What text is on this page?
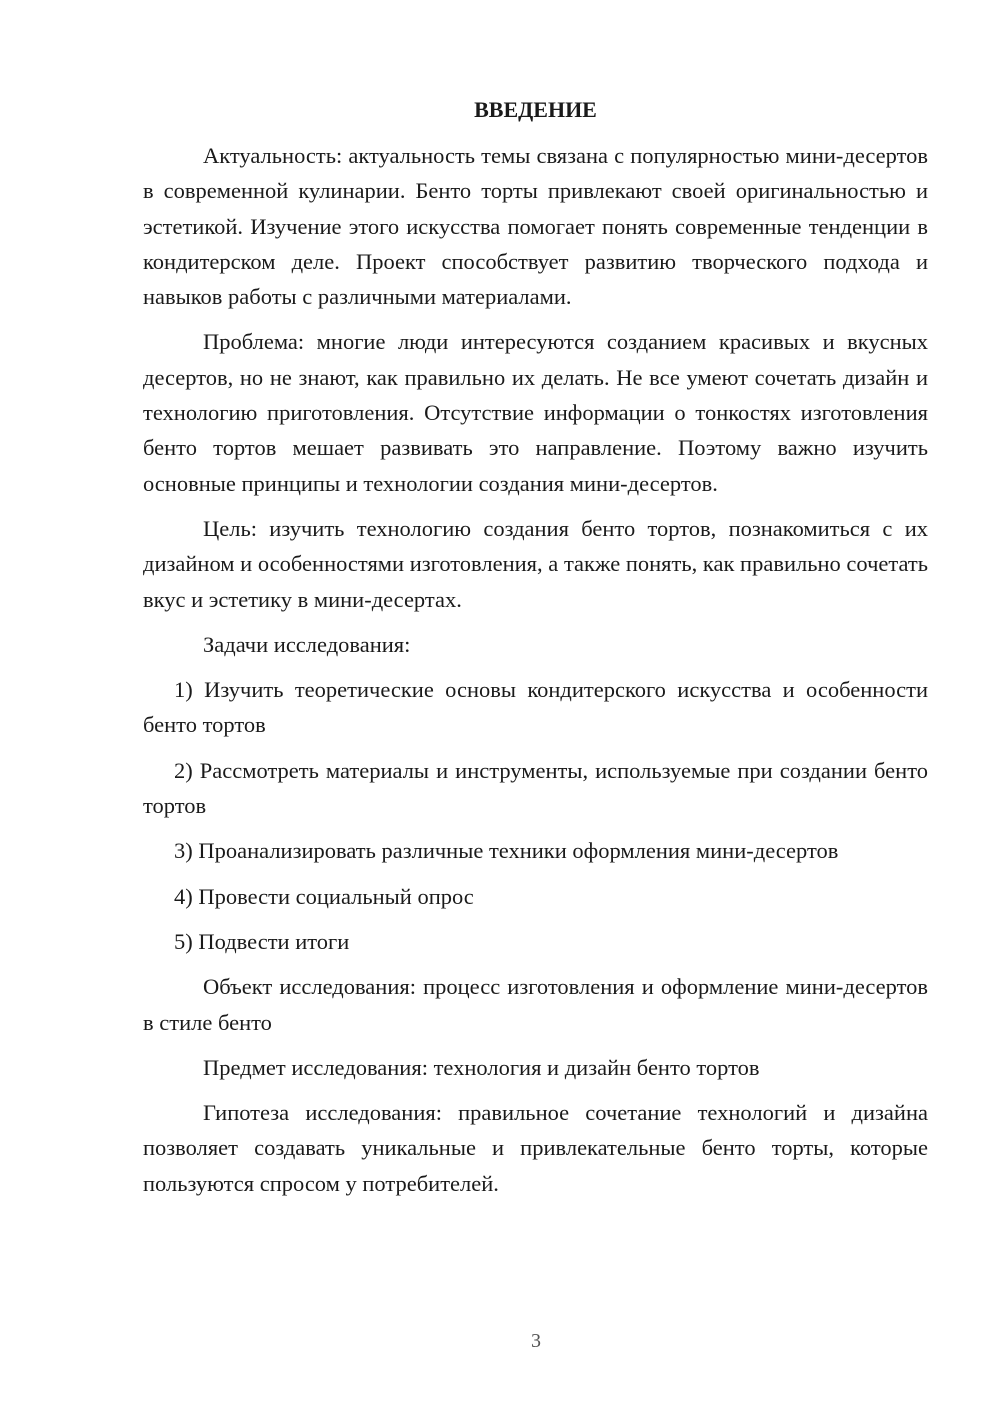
ВВЕДЕНИЕ

Актуальность: актуальность темы связана с популярностью мини-десертов в современной кулинарии. Бенто торты привлекают своей оригинальностью и эстетикой. Изучение этого искусства помогает понять современные тенденции в кондитерском деле. Проект способствует развитию творческого подхода и навыков работы с различными материалами.

Проблема: многие люди интересуются созданием красивых и вкусных десертов, но не знают, как правильно их делать. Не все умеют сочетать дизайн и технологию приготовления. Отсутствие информации о тонкостях изготовления бенто тортов мешает развивать это направление. Поэтому важно изучить основные принципы и технологии создания мини-десертов.

Цель: изучить технологию создания бенто тортов, познакомиться с их дизайном и особенностями изготовления, а также понять, как правильно сочетать вкус и эстетику в мини-десертах.

Задачи исследования:

1) Изучить теоретические основы кондитерского искусства и особенности бенто тортов

2) Рассмотреть материалы и инструменты, используемые при создании бенто тортов

3) Проанализировать различные техники оформления мини-десертов

4) Провести социальный опрос

5) Подвести итоги

Объект исследования: процесс изготовления и оформление мини-десертов в стиле бенто

Предмет исследования: технология и дизайн бенто тортов

Гипотеза исследования: правильное сочетание технологий и дизайна позволяет создавать уникальные и привлекательные бенто торты, которые пользуются спросом у потребителей.

3
